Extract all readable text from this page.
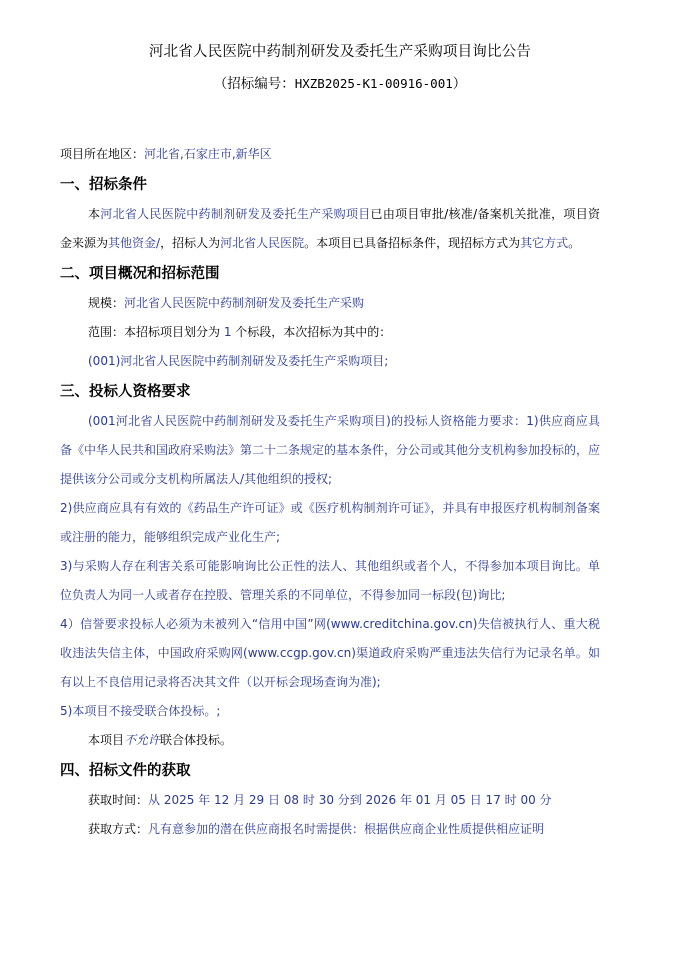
河北省人民医院中药制剂研发及委托生产采购项目询比公告
（招标编号：HXZB2025-K1-00916-001）
项目所在地区：河北省,石家庄市,新华区
一、招标条件
本河北省人民医院中药制剂研发及委托生产采购项目已由项目审批/核准/备案机关批准，项目资金来源为其他资金/，招标人为河北省人民医院。本项目已具备招标条件，现招标方式为其它方式。
二、项目概况和招标范围
规模：河北省人民医院中药制剂研发及委托生产采购
范围：本招标项目划分为 1 个标段，本次招标为其中的：
(001)河北省人民医院中药制剂研发及委托生产采购项目;
三、投标人资格要求
(001河北省人民医院中药制剂研发及委托生产采购项目)的投标人资格能力要求：1)供应商应具备《中华人民共和国政府采购法》第二十二条规定的基本条件，分公司或其他分支机构参加投标的，应提供该分公司或分支机构所属法人/其他组织的授权;
2)供应商应具有有效的《药品生产许可证》或《医疗机构制剂许可证》，并具有申报医疗机构制剂备案或注册的能力，能够组织完成产业化生产;
3)与采购人存在利害关系可能影响询比公正性的法人、其他组织或者个人，不得参加本项目询比。单位负责人为同一人或者存在控股、管理关系的不同单位，不得参加同一标段(包)询比;
4）信誉要求投标人必须为未被列入“信用中国”网(www.creditchina.gov.cn)失信被执行人、重大税收违法失信主体，中国政府采购网(www.ccgp.gov.cn)渠道政府采购严重违法失信行为记录名单。如有以上不良信用记录将否决其文件（以开标会现场查询为准);
5)本项目不接受联合体投标。;
本项目不允许联合体投标。
四、招标文件的获取
获取时间：从 2025 年 12 月 29 日 08 时 30 分到 2026 年 01 月 05 日 17 时 00 分
获取方式：凡有意参加的潜在供应商报名时需提供：根据供应商企业性质提供相应证明
